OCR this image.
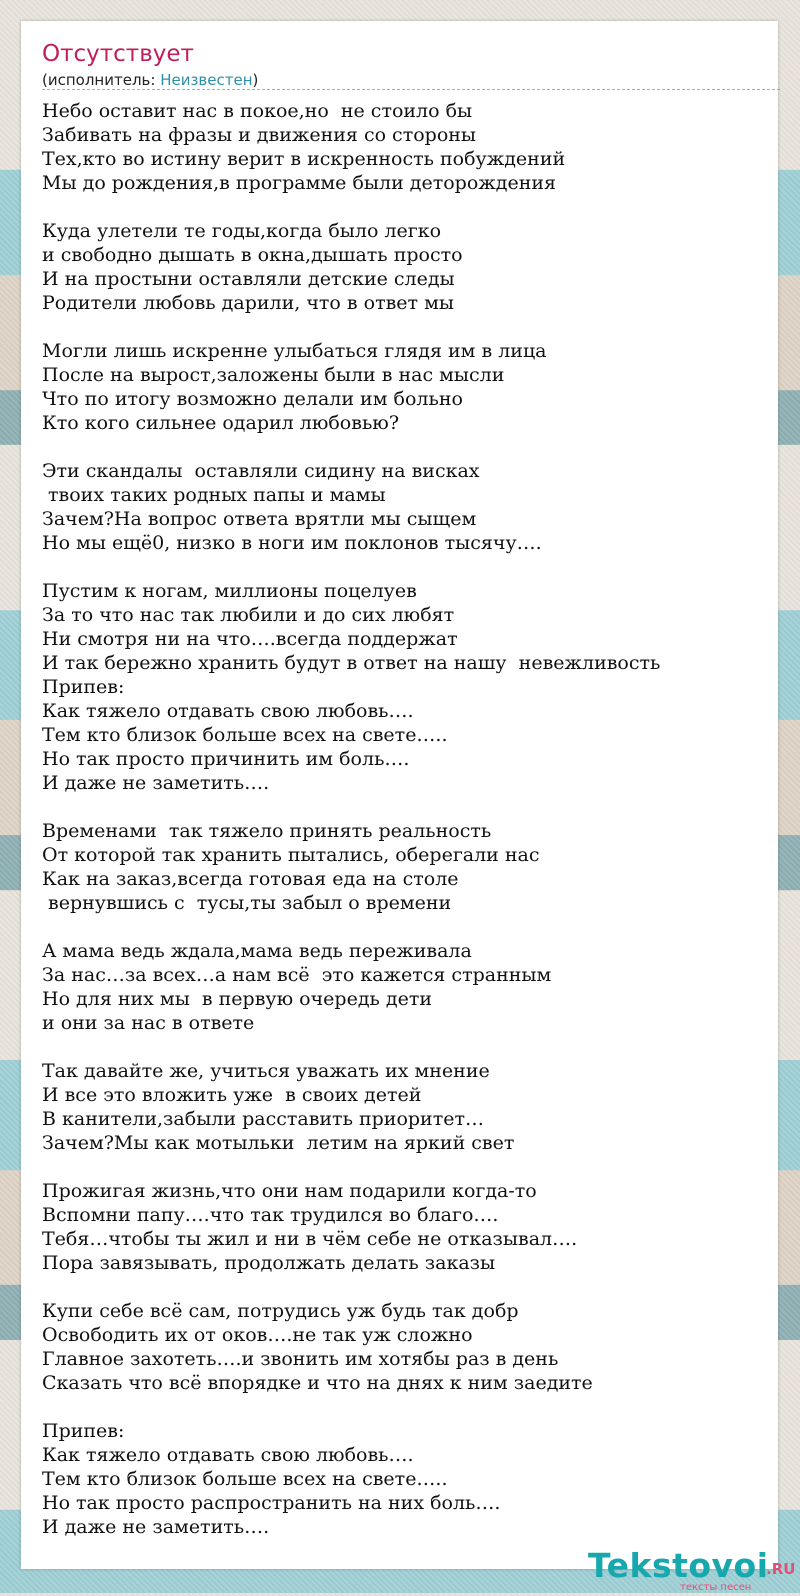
Отсутствует
(исполнитель: Неизвестен)
Небо оставит нас в покое,но  не стоило бы
Забивать на фразы и движения со стороны
Тех,кто во истину верит в искренность побуждений
Мы до рождения,в программе были деторождения
Куда улетели те годы,когда было легко
и свободно дышать в окна,дышать просто
И на простыни оставляли детские следы
Родители любовь дарили, что в ответ мы
Могли лишь искренне улыбаться глядя им в лица
После на вырост,заложены были в нас мысли
Что по итогу возможно делали им больно
Кто кого сильнее одарил любовью?
Эти скандалы  оставляли сидину на висках
твоих таких родных папы и мамы
Зачем?На вопрос ответа врятли мы сыщем
Но мы ещё0, низко в ноги им поклонов тысячу….
Пустим к ногам, миллионы поцелуев
За то что нас так любили и до сих любят
Ни смотря ни на что….всегда поддержат
И так бережно хранить будут в ответ на нашу  невежливость
Припев:
Как тяжело отдавать свою любовь….
Тем кто близок больше всех на свете…..
Но так просто причинить им боль….
И даже не заметить….
Временами  так тяжело принять реальность
От которой так хранить пытались, оберегали нас
Как на заказ,всегда готовая еда на столе
вернувшись с  тусы,ты забыл о времени
А мама ведь ждала,мама ведь переживала
За нас…за всех…а нам всё  это кажется странным
Но для них мы  в первую очередь дети
и они за нас в ответе
Так давайте же, учиться уважать их мнение
И все это вложить уже  в своих детей
В канители,забыли расставить приоритет…
Зачем?Мы как мотыльки  летим на яркий свет
Прожигая жизнь,что они нам подарили когда-то
Вспомни папу….что так трудился во благо….
Тебя…чтобы ты жил и ни в чём себе не отказывал….
Пора завязывать, продолжать делать заказы
Купи себе всё сам, потрудись уж будь так добр
Освободить их от оков….не так уж сложно
Главное захотеть….и звонить им хотябы раз в день
Сказать что всё впорядке и что на днях к ним заедите
Припев:
Как тяжело отдавать свою любовь….
Тем кто близок больше всех на свете…..
Но так просто распространить на них боль….
И даже не заметить….
Tekstovoi
.RU
тексты песен
